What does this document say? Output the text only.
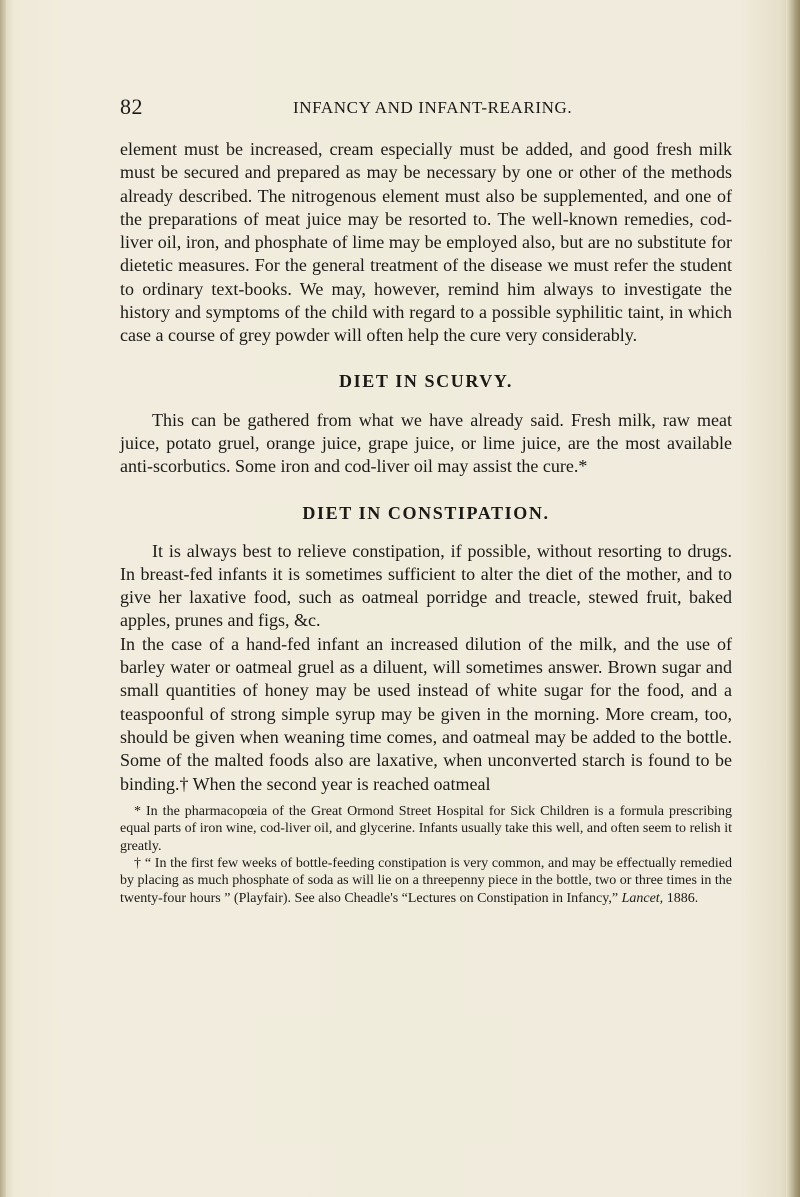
82	INFANCY AND INFANT-REARING.

element must be increased, cream especially must be added, and good fresh milk must be secured and prepared as may be necessary by one or other of the methods already described. The nitrogenous element must also be supplemented, and one of the preparations of meat juice may be resorted to. The well-known remedies, cod-liver oil, iron, and phosphate of lime may be employed also, but are no substitute for dietetic measures. For the general treatment of the disease we must refer the student to ordinary text-books. We may, however, remind him always to investigate the history and symptoms of the child with regard to a possible syphilitic taint, in which case a course of grey powder will often help the cure very considerably.

DIET IN SCURVY.

This can be gathered from what we have already said. Fresh milk, raw meat juice, potato gruel, orange juice, grape juice, or lime juice, are the most available anti-scorbutics. Some iron and cod-liver oil may assist the cure.*

DIET IN CONSTIPATION.

It is always best to relieve constipation, if possible, without resorting to drugs. In breast-fed infants it is sometimes sufficient to alter the diet of the mother, and to give her laxative food, such as oatmeal porridge and treacle, stewed fruit, baked apples, prunes and figs, &c.

In the case of a hand-fed infant an increased dilution of the milk, and the use of barley water or oatmeal gruel as a diluent, will sometimes answer. Brown sugar and small quantities of honey may be used instead of white sugar for the food, and a teaspoonful of strong simple syrup may be given in the morning. More cream, too, should be given when weaning time comes, and oatmeal may be added to the bottle. Some of the malted foods also are laxative, when unconverted starch is found to be binding.† When the second year is reached oatmeal

* In the pharmacopœia of the Great Ormond Street Hospital for Sick Children is a formula prescribing equal parts of iron wine, cod-liver oil, and glycerine. Infants usually take this well, and often seem to relish it greatly.

† “ In the first few weeks of bottle-feeding constipation is very common, and may be effectually remedied by placing as much phosphate of soda as will lie on a threepenny piece in the bottle, two or three times in the twenty-four hours ” (Playfair). See also Cheadle's “Lectures on Constipation in Infancy,” Lancet, 1886.
